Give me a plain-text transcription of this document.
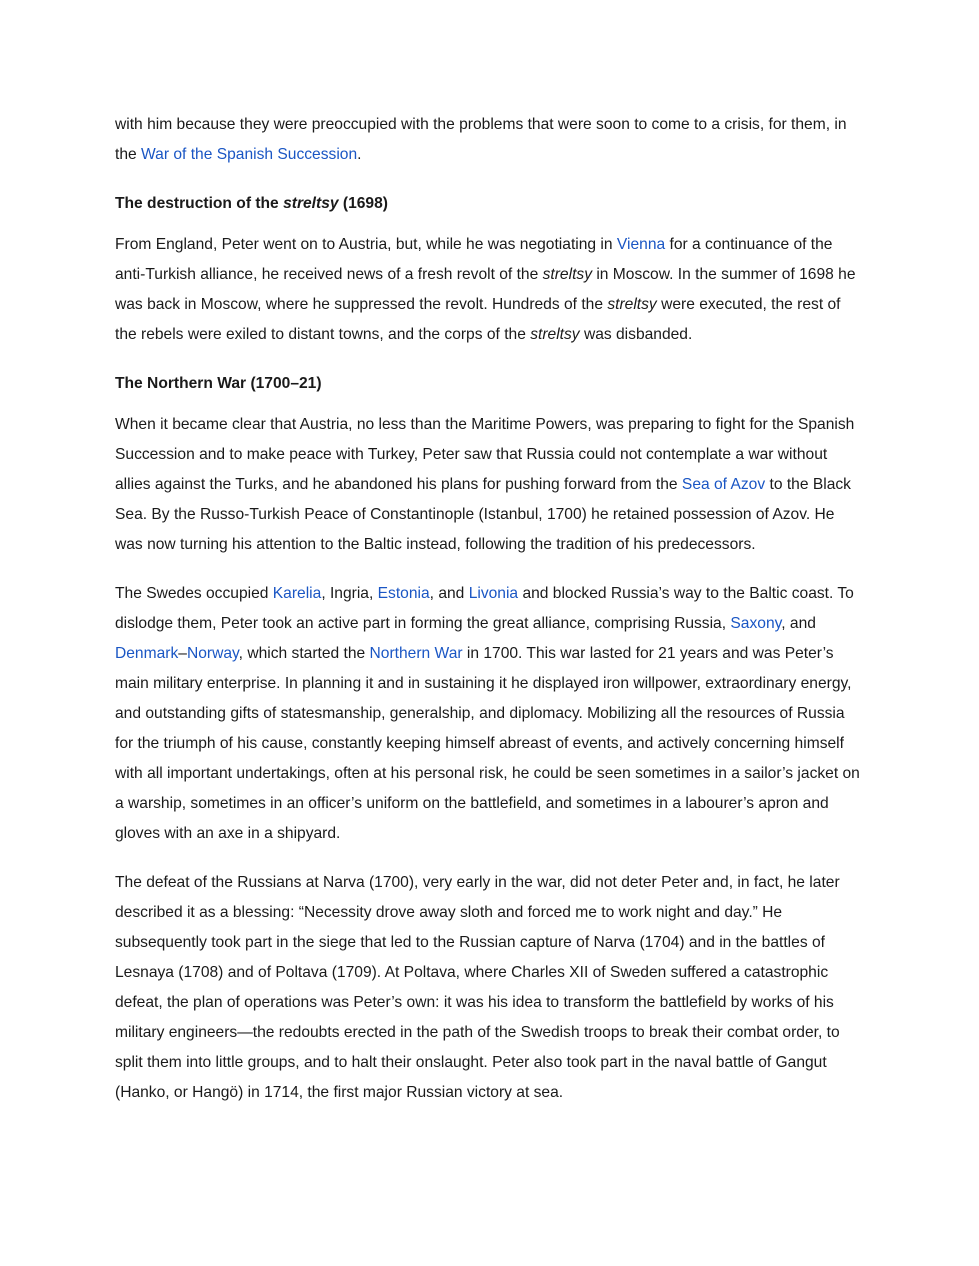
with him because they were preoccupied with the problems that were soon to come to a crisis, for them, in the War of the Spanish Succession.

The destruction of the streltsy (1698)

From England, Peter went on to Austria, but, while he was negotiating in Vienna for a continuance of the anti-Turkish alliance, he received news of a fresh revolt of the streltsy in Moscow. In the summer of 1698 he was back in Moscow, where he suppressed the revolt. Hundreds of the streltsy were executed, the rest of the rebels were exiled to distant towns, and the corps of the streltsy was disbanded.

The Northern War (1700–21)

When it became clear that Austria, no less than the Maritime Powers, was preparing to fight for the Spanish Succession and to make peace with Turkey, Peter saw that Russia could not contemplate a war without allies against the Turks, and he abandoned his plans for pushing forward from the Sea of Azov to the Black Sea. By the Russo-Turkish Peace of Constantinople (Istanbul, 1700) he retained possession of Azov. He was now turning his attention to the Baltic instead, following the tradition of his predecessors.

The Swedes occupied Karelia, Ingria, Estonia, and Livonia and blocked Russia’s way to the Baltic coast. To dislodge them, Peter took an active part in forming the great alliance, comprising Russia, Saxony, and Denmark–Norway, which started the Northern War in 1700. This war lasted for 21 years and was Peter’s main military enterprise. In planning it and in sustaining it he displayed iron willpower, extraordinary energy, and outstanding gifts of statesmanship, generalship, and diplomacy. Mobilizing all the resources of Russia for the triumph of his cause, constantly keeping himself abreast of events, and actively concerning himself with all important undertakings, often at his personal risk, he could be seen sometimes in a sailor’s jacket on a warship, sometimes in an officer’s uniform on the battlefield, and sometimes in a labourer’s apron and gloves with an axe in a shipyard.

The defeat of the Russians at Narva (1700), very early in the war, did not deter Peter and, in fact, he later described it as a blessing: “Necessity drove away sloth and forced me to work night and day.” He subsequently took part in the siege that led to the Russian capture of Narva (1704) and in the battles of Lesnaya (1708) and of Poltava (1709). At Poltava, where Charles XII of Sweden suffered a catastrophic defeat, the plan of operations was Peter’s own: it was his idea to transform the battlefield by works of his military engineers—the redoubts erected in the path of the Swedish troops to break their combat order, to split them into little groups, and to halt their onslaught. Peter also took part in the naval battle of Gangut (Hanko, or Hangö) in 1714, the first major Russian victory at sea.
